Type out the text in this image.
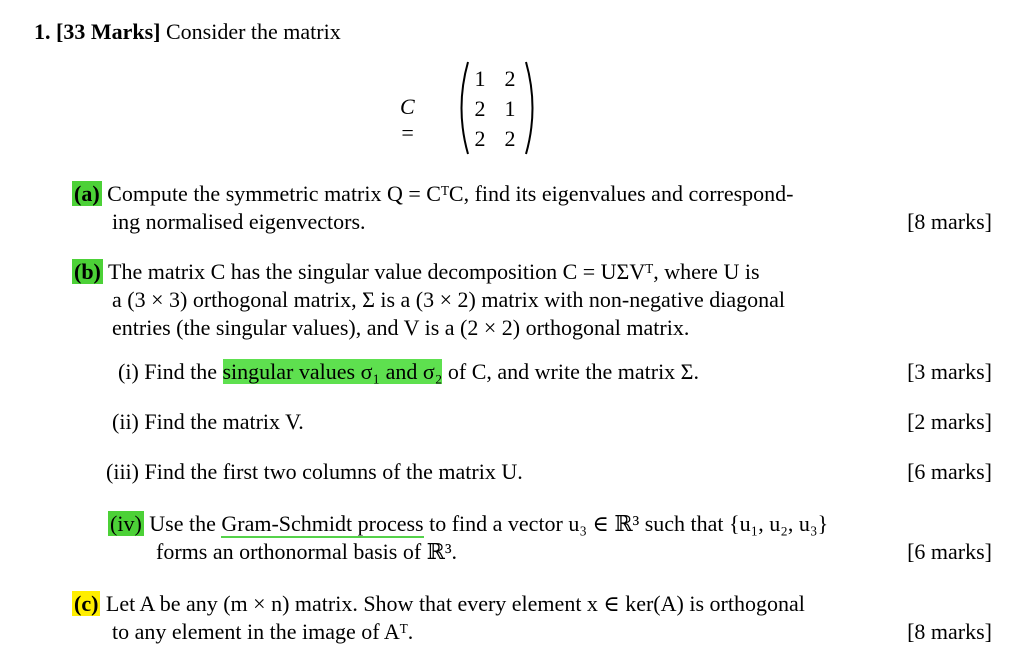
1. [33 Marks] Consider the matrix
C =
1 2
2 1
2 2
(a) Compute the symmetric matrix Q = CᵀC, find its eigenvalues and correspond-
ing normalised eigenvectors.	[8 marks]
(b) The matrix C has the singular value decomposition C = UΣVᵀ, where U is
a (3 × 3) orthogonal matrix, Σ is a (3 × 2) matrix with non-negative diagonal
entries (the singular values), and V is a (2 × 2) orthogonal matrix.
(i) Find the singular values σ₁ and σ₂ of C, and write the matrix Σ.	[3 marks]
(ii) Find the matrix V.	[2 marks]
(iii) Find the first two columns of the matrix U.	[6 marks]
(iv) Use the Gram-Schmidt process to find a vector u₃ ∈ ℝ³ such that {u₁, u₂, u₃}
forms an orthonormal basis of ℝ³.	[6 marks]
(c) Let A be any (m × n) matrix. Show that every element x ∈ ker(A) is orthogonal
to any element in the image of Aᵀ.	[8 marks]
